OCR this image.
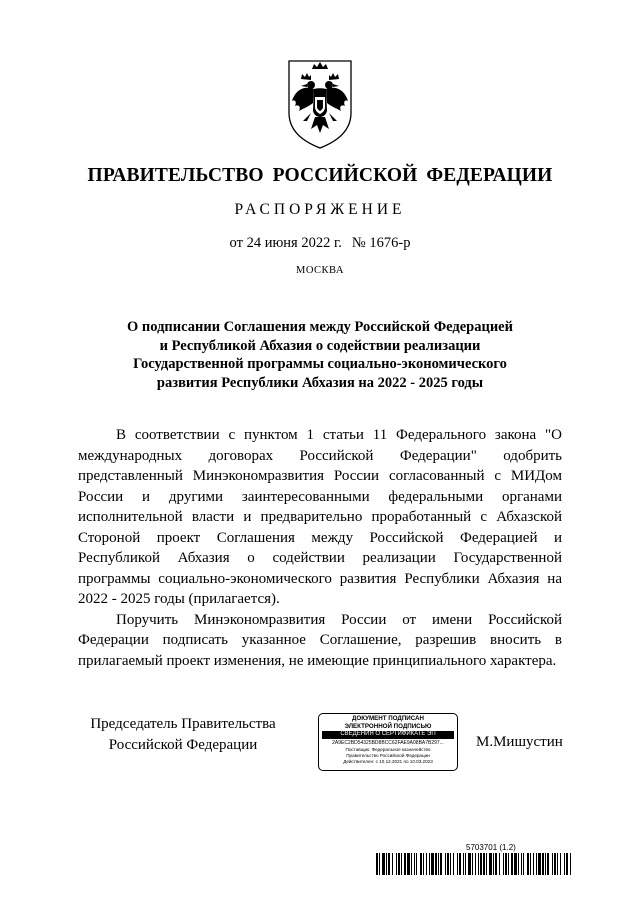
ПРАВИТЕЛЬСТВО РОССИЙСКОЙ ФЕДЕРАЦИИ
РАСПОРЯЖЕНИЕ
от 24 июня 2022 г. № 1676-р
МОСКВА
О подписании Соглашения между Российской Федерацией
и Республикой Абхазия о содействии реализации
Государственной программы социально-экономического
развития Республики Абхазия на 2022 - 2025 годы

В соответствии с пунктом 1 статьи 11 Федерального закона "О международных договорах Российской Федерации" одобрить представленный Минэкономразвития России согласованный с МИДом России и другими заинтересованными федеральными органами исполнительной власти и предварительно проработанный с Абхазской Стороной проект Соглашения между Российской Федерацией и Республикой Абхазия о содействии реализации Государственной программы социально-экономического развития Республики Абхазия на 2022 - 2025 годы (прилагается).

Поручить Минэкономразвития России от имени Российской Федерации подписать указанное Соглашение, разрешив вносить в прилагаемый проект изменения, не имеющие принципиального характера.

Председатель Правительства
Российской Федерации
ДОКУМЕНТ ПОДПИСАН
ЭЛЕКТРОННОЙ ПОДПИСЬЮ
СВЕДЕНИЯ О СЕРТИФИКАТЕ ЭП
2A9EC2BD54325BD8BCC62FAE9A08BA7B297...
Поставщик: Федеральное казначейство
Правительство Российской Федерации
Действителен: с 10.12.2021 по 10.03.2023
М.Мишустин
5703701 (1.2)
